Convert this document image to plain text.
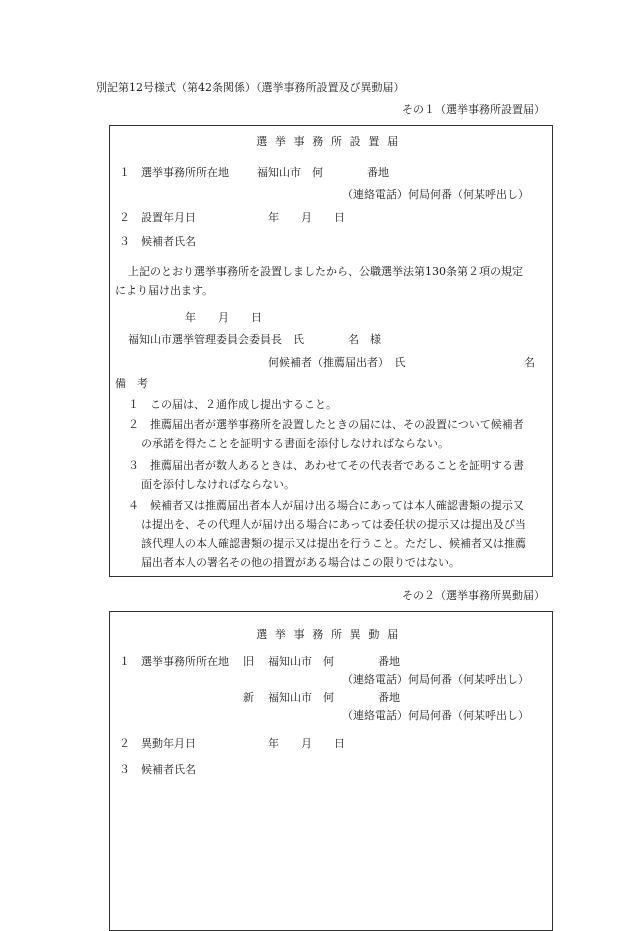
別記第12号様式（第42条関係）（選挙事務所設置及び異動届）
その１（選挙事務所設置届）
選挙事務所設置届
１　選挙事務所所在地	福知山市　何　　　　番地
（連絡電話）何局何番（何某呼出し）
２　設置年月日	年　　月　　日
３　候補者氏名
上記のとおり選挙事務所を設置しましたから、公職選挙法第130条第２項の規定
により届け出ます。
年　　月　　日
福知山市選挙管理委員会委員長　氏　　　　名　様
何候補者（推薦届出者）　氏	名
備　考
１　この届は、２通作成し提出すること。
２　推薦届出者が選挙事務所を設置したときの届には、その設置について候補者
の承諾を得たことを証明する書面を添付しなければならない。
３　推薦届出者が数人あるときは、あわせてその代表者であることを証明する書
面を添付しなければならない。
４　候補者又は推薦届出者本人が届け出る場合にあっては本人確認書類の提示又
は提出を、その代理人が届け出る場合にあっては委任状の提示又は提出及び当
該代理人の本人確認書類の提示又は提出を行うこと。ただし、候補者又は推薦
届出者本人の署名その他の措置がある場合はこの限りではない。
その２（選挙事務所異動届）
選挙事務所異動届
１　選挙事務所所在地 旧 福知山市　何　　　　番地
（連絡電話）何局何番（何某呼出し）
新 福知山市　何　　　　番地
（連絡電話）何局何番（何某呼出し）
２　異動年月日	年　　月　　日
３　候補者氏名
